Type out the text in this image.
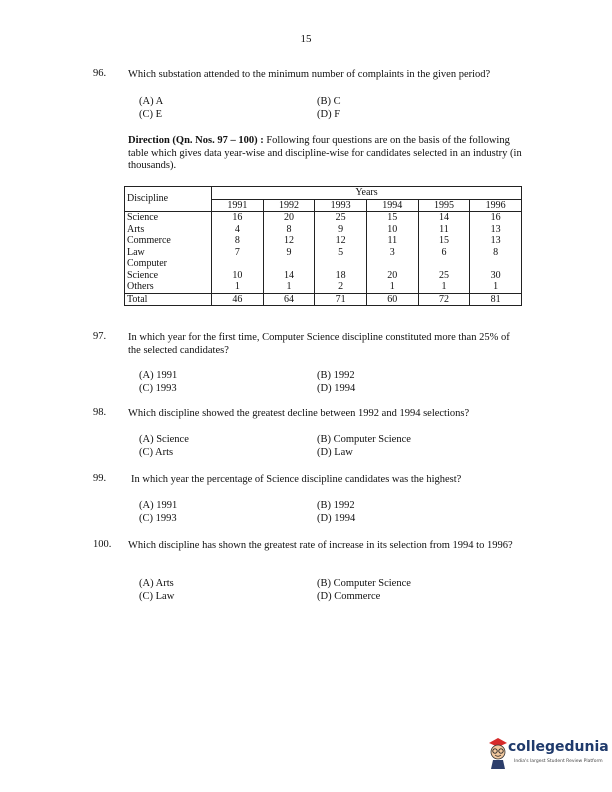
15
96.	Which substation attended to the minimum number of complaints in the given period?
(A) A	(B) C
(C) E	(D) F
Direction (Qn. Nos. 97 – 100) : Following four questions are on the basis of the following table which gives data year-wise and discipline-wise for candidates selected in an industry (in thousands).
Discipline	Years					
	1991	1992	1993	1994	1995	1996
Science	16	20	25	15	14	16
Arts	4	8	9	10	11	13
Commerce	8	12	12	11	15	13
Law	7	9	5	3	6	8
Computer						
Science	10	14	18	20	25	30
Others	1	1	2	1	1	1
Total	46	64	71	60	72	81
97.	In which year for the first time, Computer Science discipline constituted more than 25% of the selected candidates?
(A) 1991	(B) 1992
(C) 1993	(D) 1994
98.	Which discipline showed the greatest decline between 1992 and 1994 selections?
(A) Science	(B) Computer Science
(C) Arts	(D) Law
99.	In which year the percentage of Science discipline candidates was the highest?
(A) 1991	(B) 1992
(C) 1993	(D) 1994
100.	Which discipline has shown the greatest rate of increase in its selection from 1994 to 1996?
(A) Arts	(B) Computer Science
(C) Law	(D) Commerce
collegedunia
India's largest Student Review Platform
